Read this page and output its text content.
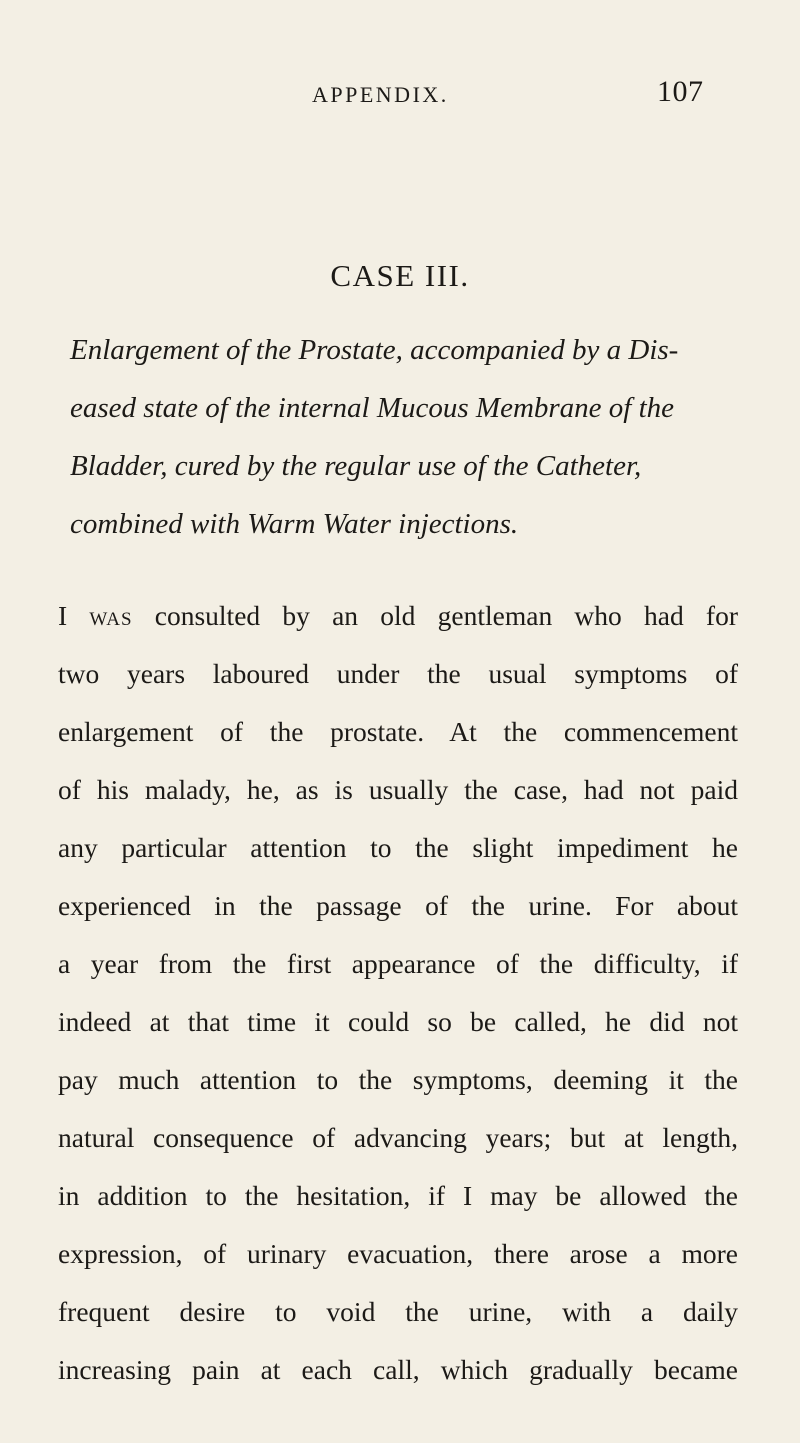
APPENDIX.	107
CASE III.
Enlargement of the Prostate, accompanied by a Dis-
eased state of the internal Mucous Membrane of the
Bladder, cured by the regular use of the Catheter,
combined with Warm Water injections.
I was consulted by an old gentleman who had for
two years laboured under the usual symptoms of
enlargement of the prostate. At the commencement
of his malady, he, as is usually the case, had not paid
any particular attention to the slight impediment he
experienced in the passage of the urine. For about
a year from the first appearance of the difficulty, if
indeed at that time it could so be called, he did not
pay much attention to the symptoms, deeming it the
natural consequence of advancing years; but at length,
in addition to the hesitation, if I may be allowed the
expression, of urinary evacuation, there arose a more
frequent desire to void the urine, with a daily
increasing pain at each call, which gradually became
